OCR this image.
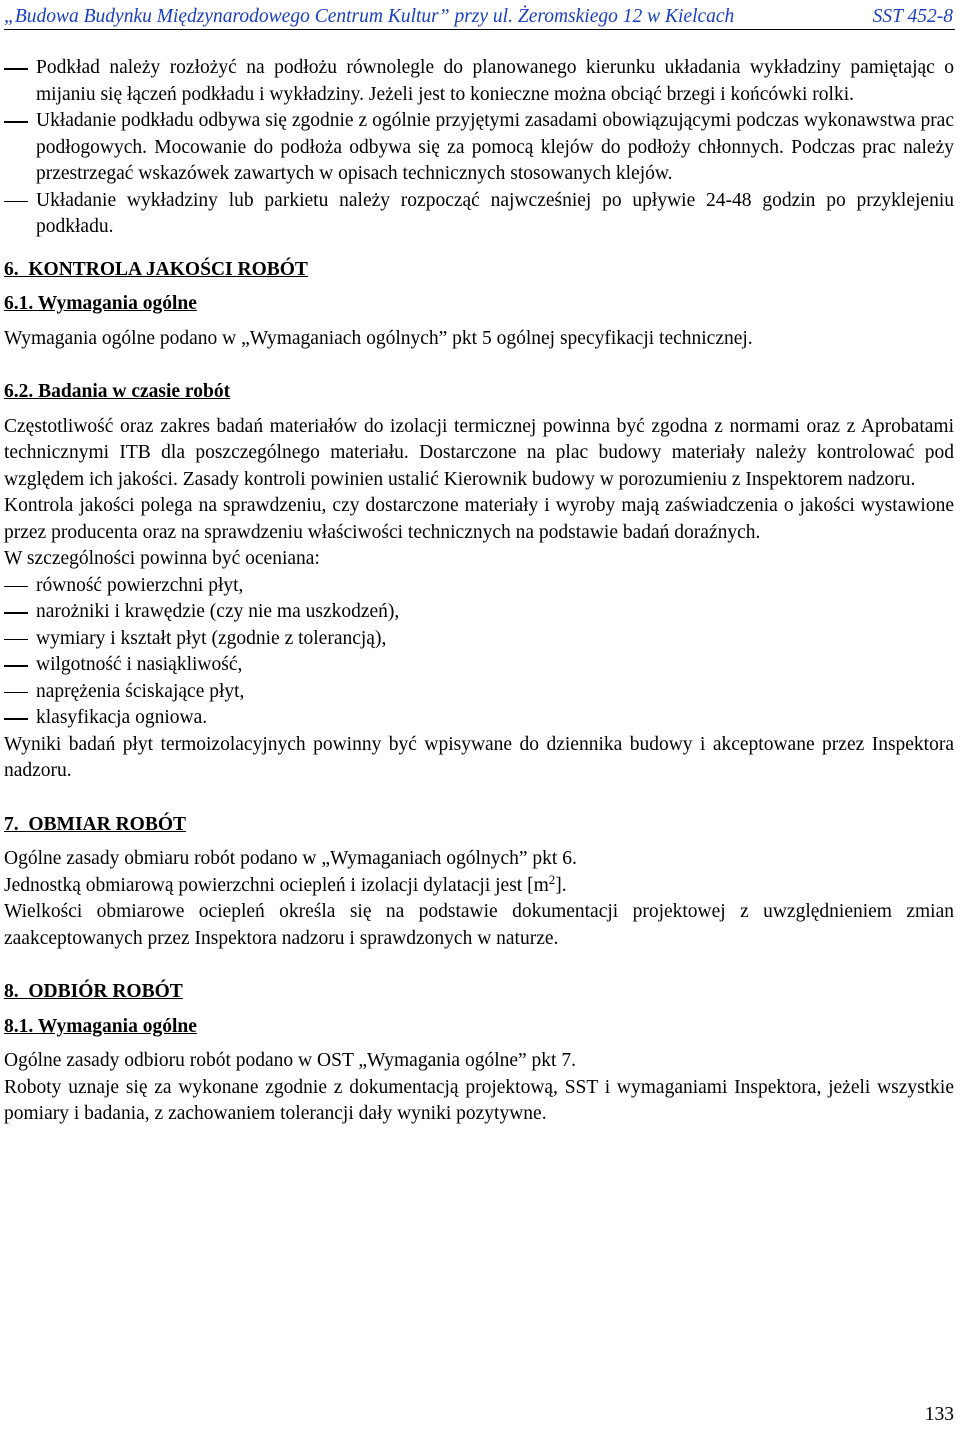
„Budowa Budynku Międzynarodowego Centrum Kultur” przy ul. Żeromskiego 12 w Kielcach	SST 452-8
Podkład należy rozłożyć na podłożu równolegle do planowanego kierunku układania wykładziny pamiętając o mijaniu się łączeń podkładu i wykładziny. Jeżeli jest to konieczne można obciąć brzegi i końcówki rolki.
Układanie podkładu odbywa się zgodnie z ogólnie przyjętymi zasadami obowiązującymi podczas wykonawstwa prac podłogowych. Mocowanie do podłoża odbywa się za pomocą klejów do podłoży chłonnych. Podczas prac należy przestrzegać wskazówek zawartych w opisach technicznych stosowanych klejów.
Układanie wykładziny lub parkietu należy rozpocząć najwcześniej po upływie 24-48 godzin po przyklejeniu podkładu.

6. KONTROLA JAKOŚCI ROBÓT

6.1. Wymagania ogólne

Wymagania ogólne podano w „Wymaganiach ogólnych” pkt 5 ogólnej specyfikacji technicznej.

6.2. Badania w czasie robót

Częstotliwość oraz zakres badań materiałów do izolacji termicznej powinna być zgodna z normami oraz z Aprobatami technicznymi ITB dla poszczególnego materiału. Dostarczone na plac budowy materiały należy kontrolować pod względem ich jakości. Zasady kontroli powinien ustalić Kierownik budowy w porozumieniu z Inspektorem nadzoru.

Kontrola jakości polega na sprawdzeniu, czy dostarczone materiały i wyroby mają zaświadczenia o jakości wystawione przez producenta oraz na sprawdzeniu właściwości technicznych na podstawie badań doraźnych.

W szczególności powinna być oceniana:

równość powierzchni płyt,
narożniki i krawędzie (czy nie ma uszkodzeń),
wymiary i kształt płyt (zgodnie z tolerancją),
wilgotność i nasiąkliwość,
naprężenia ściskające płyt,
klasyfikacja ogniowa.

Wyniki badań płyt termoizolacyjnych powinny być wpisywane do dziennika budowy i akceptowane przez Inspektora nadzoru.

7. OBMIAR ROBÓT

Ogólne zasady obmiaru robót podano w „Wymaganiach ogólnych” pkt 6.

Jednostką obmiarową powierzchni ociepleń i izolacji dylatacji jest $[m^2]$.

Wielkości obmiarowe ociepleń określa się na podstawie dokumentacji projektowej z uwzględnieniem zmian zaakceptowanych przez Inspektora nadzoru i sprawdzonych w naturze.

8. ODBIÓR ROBÓT

8.1. Wymagania ogólne

Ogólne zasady odbioru robót podano w OST „Wymagania ogólne” pkt 7.

Roboty uznaje się za wykonane zgodnie z dokumentacją projektową, SST i wymaganiami Inspektora, jeżeli wszystkie pomiary i badania, z zachowaniem tolerancji dały wyniki pozytywne.

133
